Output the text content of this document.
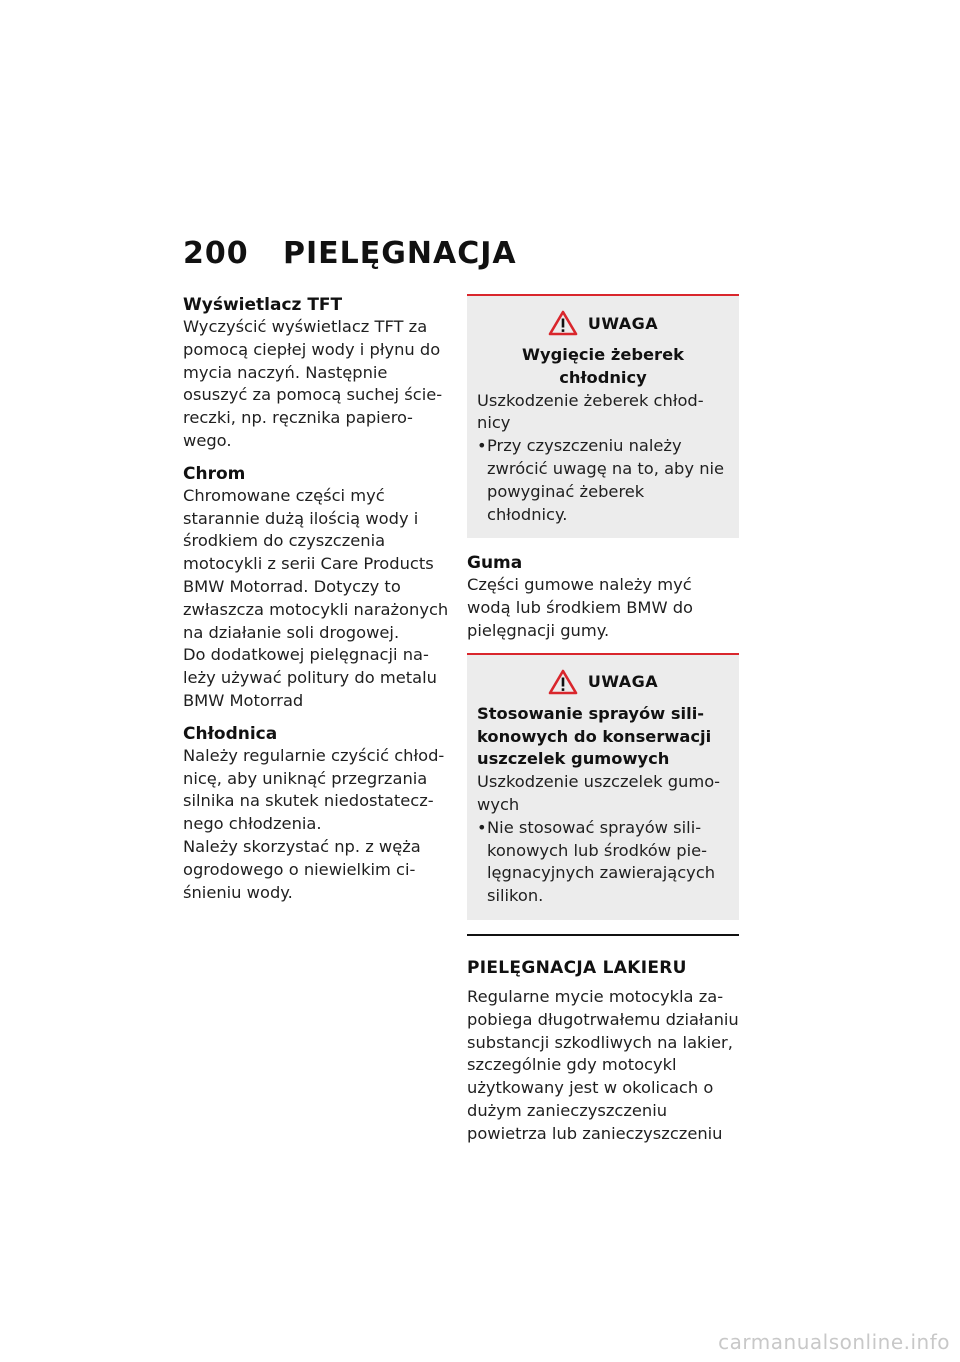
200 PIELĘGNACJA
Wyświetlacz TFT

Wyczyścić wyświetlacz TFT za pomocą ciepłej wody i płynu do mycia naczyń. Następnie osuszyć za pomocą suchej ściereczki, np. ręcznika papierowego.

Chrom

Chromowane części myć starannie dużą ilością wody i środkiem do czyszczenia motocykli z serii Care Products BMW Motorrad. Dotyczy to zwłaszcza motocykli narażonych na działanie soli drogowej.

Do dodatkowej pielęgnacji należy używać politury do metalu BMW Motorrad

Chłodnica

Należy regularnie czyścić chłodnicę, aby uniknąć przegrzania silnika na skutek niedostatecznego chłodzenia.

Należy skorzystać np. z węża ogrodowego o niewielkim ciśnieniu wody.

UWAGA
Wygięcie żeberek chłodnicy

Uszkodzenie żeberek chłodnicy

• Przy czyszczeniu należy zwrócić uwagę na to, aby nie powyginać żeberek chłodnicy.
Guma

Części gumowe należy myć wodą lub środkiem BMW do pielęgnacji gumy.

UWAGA
Stosowanie sprayów silikonowych do konserwacji uszczelek gumowych

Uszkodzenie uszczelek gumowych

• Nie stosować sprayów silikonowych lub środków pielęgnacyjnych zawierających silikon.
PIELĘGNACJA LAKIERU

Regularne mycie motocykla zapobiega długotrwałemu działaniu substancji szkodliwych na lakier, szczególnie gdy motocykl użytkowany jest w okolicach o dużym zanieczyszczeniu powietrza lub zanieczyszczeniu

carmanualsonline.info
